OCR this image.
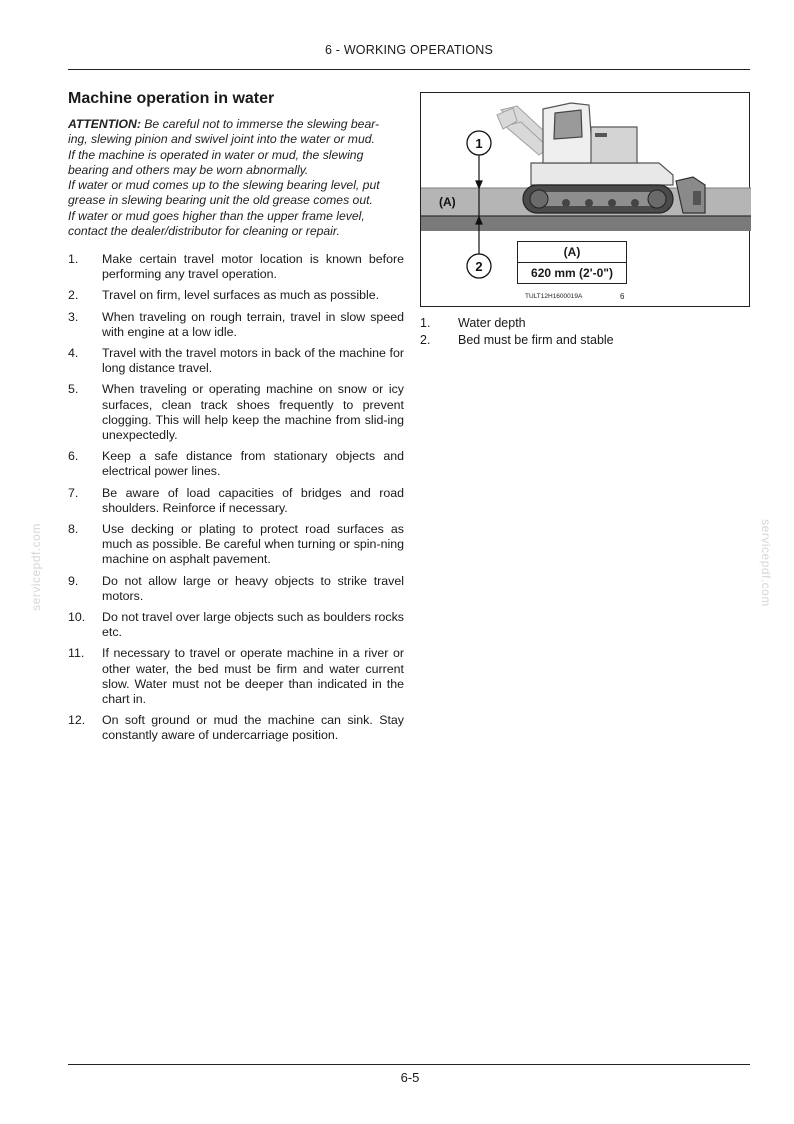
6 - WORKING OPERATIONS
Machine operation in water

ATTENTION: Be careful not to immerse the slewing bear-

ing, slewing pinion and swivel joint into the water or mud.

If the machine is operated in water or mud, the slewing

bearing and others may be worn abnormally.

If water or mud comes up to the slewing bearing level, put

grease in slewing bearing unit the old grease comes out.

If water or mud goes higher than the upper frame level,

contact the dealer/distributor for cleaning or repair.

1. Make certain travel motor location is known before performing any travel operation.
2. Travel on firm, level surfaces as much as possible.
3. When traveling on rough terrain, travel in slow speed with engine at a low idle.
4. Travel with the travel motors in back of the machine for long distance travel.
5. When traveling or operating machine on snow or icy surfaces, clean track shoes frequently to prevent clogging. This will help keep the machine from slid-ing unexpectedly.
6. Keep a safe distance from stationary objects and electrical power lines.
7. Be aware of load capacities of bridges and road shoulders. Reinforce if necessary.
8. Use decking or plating to protect road surfaces as much as possible. Be careful when turning or spin-ning machine on asphalt pavement.
9. Do not allow large or heavy objects to strike travel motors.
10. Do not travel over large objects such as boulders rocks etc.
11. If necessary to travel or operate machine in a river or other water, the bed must be firm and water current slow. Water must not be deeper than indicated in the chart in.
12. On soft ground or mud the machine can sink. Stay constantly aware of undercarriage position.
1
2
(A)
(A)
620 mm (2'-0")
TULT12H1600019A	6
1. Water depth
2. Bed must be firm and stable
servicepdf.com	servicepdf.com
6-5
